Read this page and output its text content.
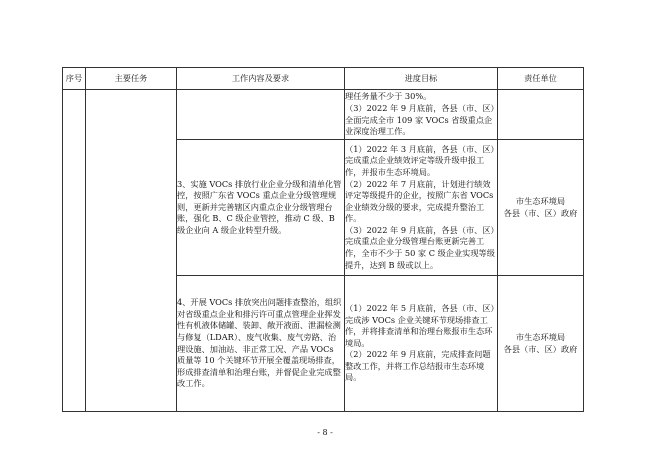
序号	主要任务	工作内容及要求	进度目标	责任单位

			理任务量不少于 30%。
（3）2022 年 9 月底前，各县（市、区）全面完成全市 109 家 VOCs 省级重点企业深度治理工作。	

		3、实施 VOCs 排放行业企业分级和清单化管控，按照广东省 VOCs 重点企业分级管理规则，更新并完善辖区内重点企业分级管理台账，强化 B、C 级企业管控，推动 C 级、B 级企业向 A 级企业转型升级。	（1）2022 年 3 月底前，各县（市、区）完成重点企业绩效评定等级升级申报工作，并报市生态环境局。
（2）2022 年 7 月底前，计划进行绩效评定等级提升的企业，按照广东省 VOCs 企业绩效分级的要求，完成提升整治工作。
（3）2022 年 9 月底前，各县（市、区）完成重点企业分级管理台账更新完善工作，全市不少于 50 家 C 级企业实现等级提升，达到 B 级或以上。	市生态环境局
各县（市、区）政府

		4、开展 VOCs 排放突出问题排查整治，组织对省级重点企业和排污许可重点管理企业挥发性有机液体储罐、装卸、敞开液面、泄漏检测与修复（LDAR）、废气收集、废气旁路、治理设施、加油站、非正常工况、产品 VOCs 质量等 10 个关键环节开展全覆盖现场排查，形成排查清单和治理台账，并督促企业完成整改工作。	（1）2022 年 5 月底前，各县（市、区）完成涉 VOCs 企业关键环节现场排查工作，并将排查清单和治理台账报市生态环境局。
（2）2022 年 9 月底前，完成排查问题整改工作，并将工作总结报市生态环境局。	市生态环境局
各县（市、区）政府
- 8 -
